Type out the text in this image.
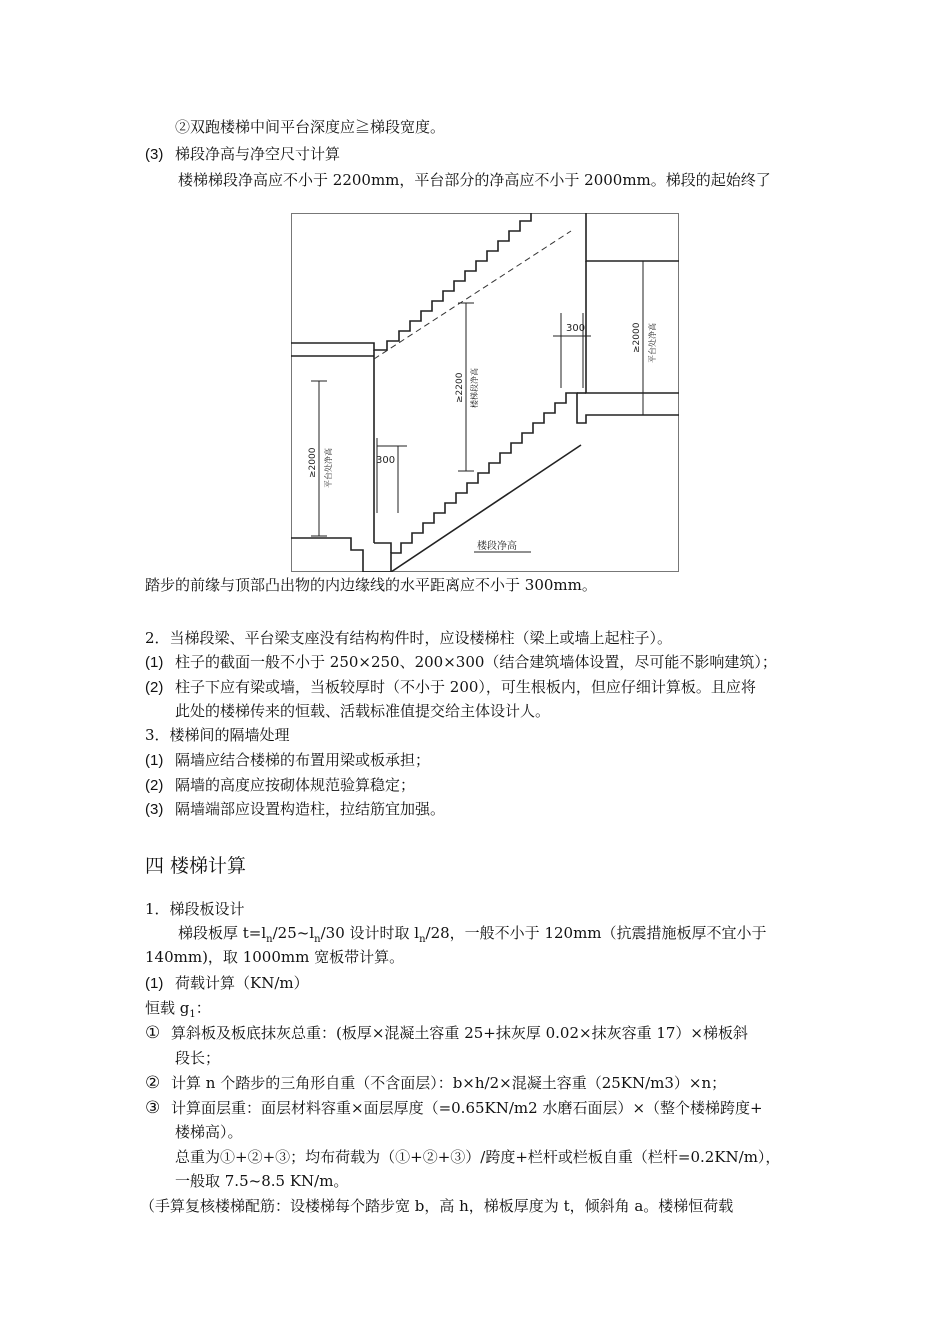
②双跑楼梯中间平台深度应≧梯段宽度。
(3) 梯段净高与净空尺寸计算
楼梯梯段净高应不小于 2200mm，平台部分的净高应不小于 2000mm。梯段的起始终了
300
300
≥2000 平台处净高
≥2200 楼梯段净高
≥2000 平台处净高
楼段净高
踏步的前缘与顶部凸出物的内边缘线的水平距离应不小于 300mm。
2．当梯段梁、平台梁支座没有结构构件时，应设楼梯柱（梁上或墙上起柱子）。
(1) 柱子的截面一般不小于 250×250、200×300（结合建筑墙体设置，尽可能不影响建筑）；
(2) 柱子下应有梁或墙，当板较厚时（不小于 200），可生根板内，但应仔细计算板。且应将
此处的楼梯传来的恒载、活载标准值提交给主体设计人。
3．楼梯间的隔墙处理
(1) 隔墙应结合楼梯的布置用梁或板承担；
(2) 隔墙的高度应按砌体规范验算稳定；
(3) 隔墙端部应设置构造柱，拉结筋宜加强。
四 楼梯计算
1．梯段板设计
梯段板厚 $t=l_n/25\sim l_n/30$ 设计时取 $l_n/28$，一般不小于 120mm（抗震措施板厚不宜小于
140mm)，取 1000mm 宽板带计算。
(1) 荷载计算（KN/m）
恒载 $g_1$：
① 算斜板及板底抹灰总重：(板厚×混凝土容重 25+抹灰厚 0.02×抹灰容重 17）×梯板斜
段长；
② 计算 n 个踏步的三角形自重（不含面层）：b×h/2×混凝土容重（25KN/m3）×n；
③ 计算面层重：面层材料容重×面层厚度（=0.65KN/m2 水磨石面层）×（整个楼梯跨度+
楼梯高）。
总重为①+②+③；均布荷载为（①+②+③）/跨度+栏杆或栏板自重（栏杆=0.2KN/m），
一般取 7.5~8.5 KN/m。
（手算复核楼梯配筋：设楼梯每个踏步宽 b，高 h，梯板厚度为 t，倾斜角 a。楼梯恒荷载
